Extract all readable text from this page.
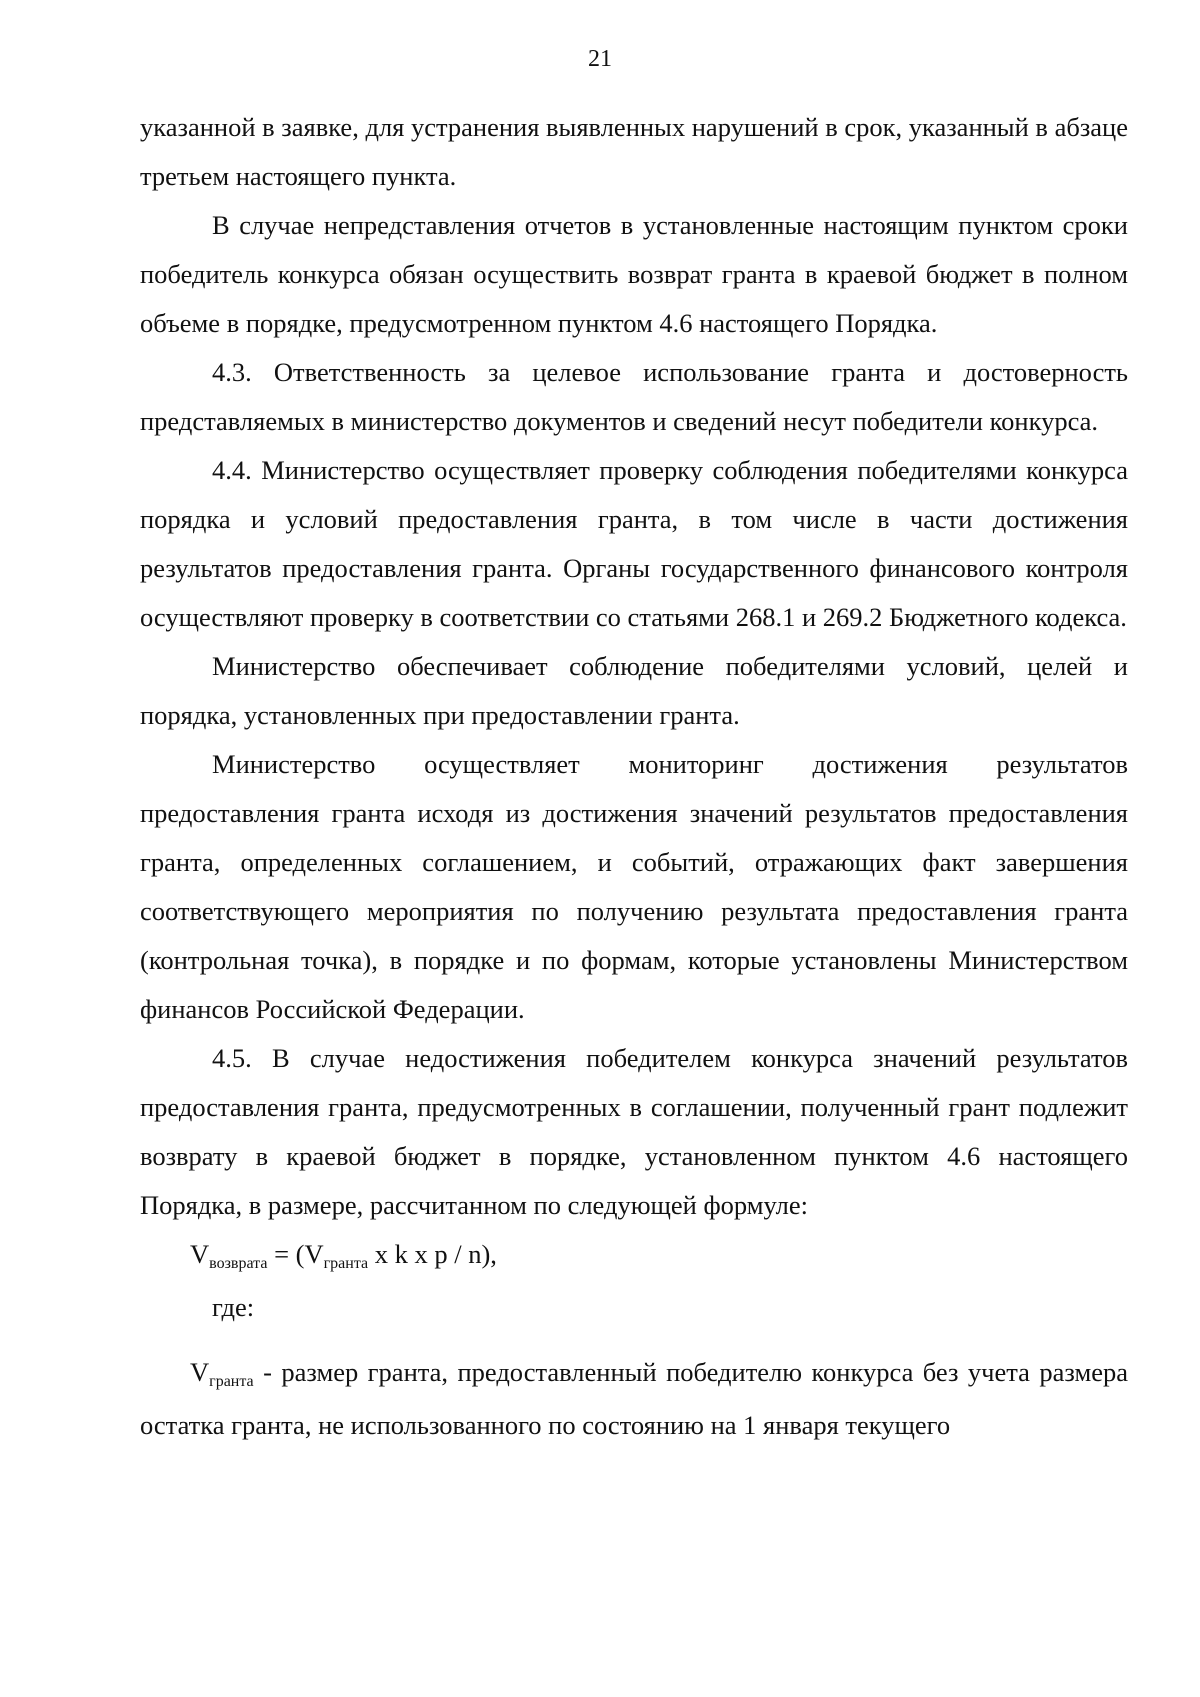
21

указанной в заявке, для устранения выявленных нарушений в срок, указанный в абзаце третьем настоящего пункта.

В случае непредставления отчетов в установленные настоящим пунктом сроки победитель конкурса обязан осуществить возврат гранта в краевой бюджет в полном объеме в порядке, предусмотренном пунктом 4.6 настоящего Порядка.

4.3. Ответственность за целевое использование гранта и достоверность представляемых в министерство документов и сведений несут победители конкурса.

4.4. Министерство осуществляет проверку соблюдения победителями конкурса порядка и условий предоставления гранта, в том числе в части достижения результатов предоставления гранта. Органы государственного финансового контроля осуществляют проверку в соответствии со статьями 268.1 и 269.2 Бюджетного кодекса.

Министерство обеспечивает соблюдение победителями условий, целей и порядка, установленных при предоставлении гранта.

Министерство осуществляет мониторинг достижения результатов предоставления гранта исходя из достижения значений результатов предоставления гранта, определенных соглашением, и событий, отражающих факт завершения соответствующего мероприятия по получению результата предоставления гранта (контрольная точка), в порядке и по формам, которые установлены Министерством финансов Российской Федерации.

4.5. В случае недостижения победителем конкурса значений результатов предоставления гранта, предусмотренных в соглашении, полученный грант подлежит возврату в краевой бюджет в порядке, установленном пунктом 4.6 настоящего Порядка, в размере, рассчитанном по следующей формуле:

Vвозврата = (Vгранта x k x p / n),

где:

Vгранта - размер гранта, предоставленный победителю конкурса без учета размера остатка гранта, не использованного по состоянию на 1 января текущего
